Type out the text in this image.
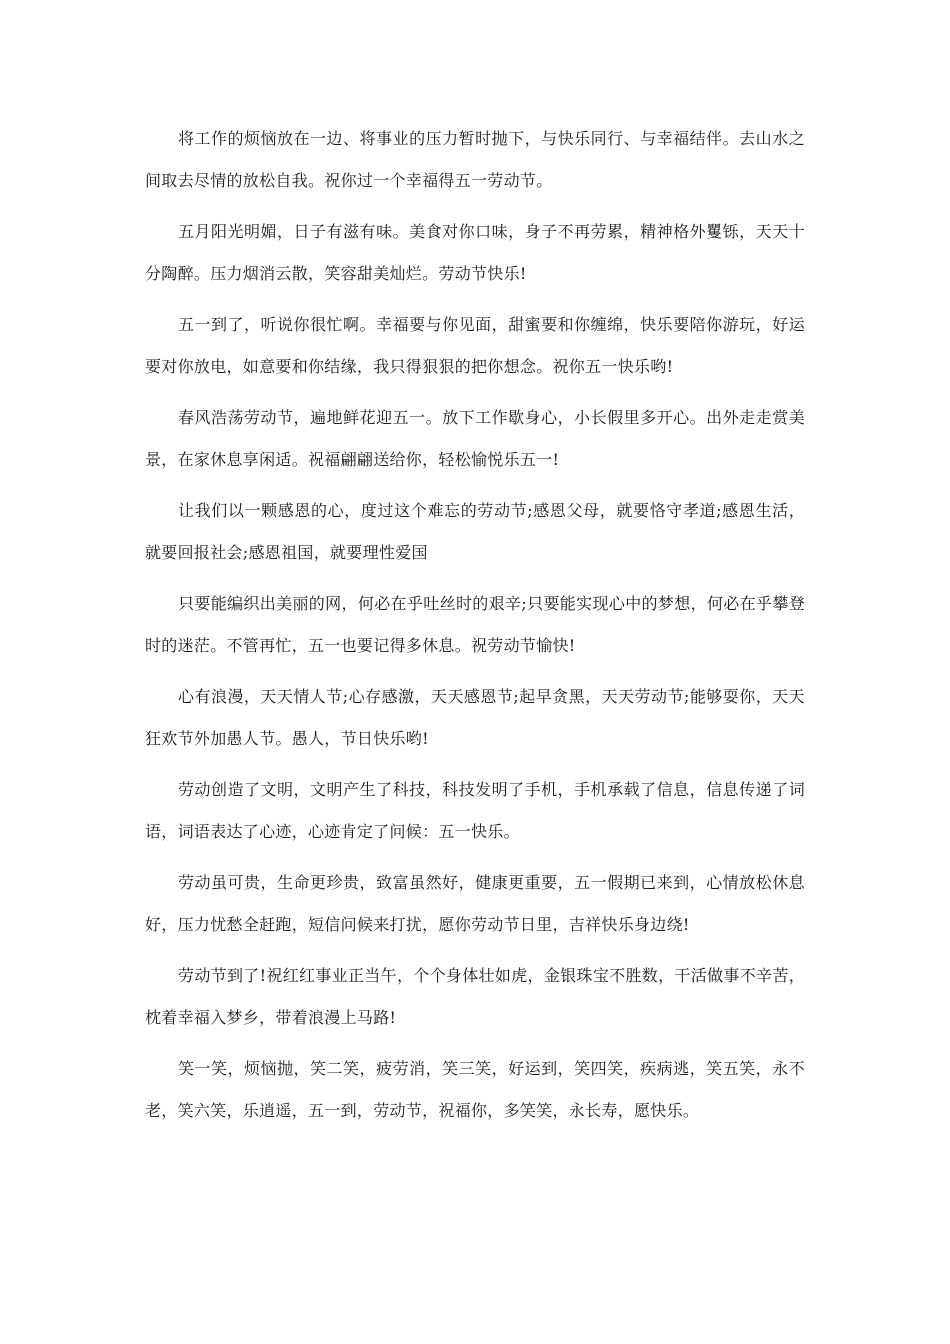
将工作的烦恼放在一边、将事业的压力暂时抛下，与快乐同行、与幸福结伴。去山水之间取去尽情的放松自我。祝你过一个幸福得五一劳动节。

五月阳光明媚，日子有滋有味。美食对你口味，身子不再劳累，精神格外矍铄，天天十分陶醉。压力烟消云散，笑容甜美灿烂。劳动节快乐!

五一到了，听说你很忙啊。幸福要与你见面，甜蜜要和你缠绵，快乐要陪你游玩，好运要对你放电，如意要和你结缘，我只得狠狠的把你想念。祝你五一快乐哟!

春风浩荡劳动节，遍地鲜花迎五一。放下工作歇身心，小长假里多开心。出外走走赏美景，在家休息享闲适。祝福翩翩送给你，轻松愉悦乐五一!

让我们以一颗感恩的心，度过这个难忘的劳动节;感恩父母，就要恪守孝道;感恩生活，就要回报社会;感恩祖国，就要理性爱国

只要能编织出美丽的网，何必在乎吐丝时的艰辛;只要能实现心中的梦想，何必在乎攀登时的迷茫。不管再忙，五一也要记得多休息。祝劳动节愉快!

心有浪漫，天天情人节;心存感激，天天感恩节;起早贪黑，天天劳动节;能够耍你，天天狂欢节外加愚人节。愚人，节日快乐哟!

劳动创造了文明，文明产生了科技，科技发明了手机，手机承载了信息，信息传递了词语，词语表达了心迹，心迹肯定了问候：五一快乐。

劳动虽可贵，生命更珍贵，致富虽然好，健康更重要，五一假期已来到，心情放松休息好，压力忧愁全赶跑，短信问候来打扰，愿你劳动节日里，吉祥快乐身边绕!

劳动节到了!祝红红事业正当午，个个身体壮如虎，金银珠宝不胜数，干活做事不辛苦，枕着幸福入梦乡，带着浪漫上马路!

笑一笑，烦恼抛，笑二笑，疲劳消，笑三笑，好运到，笑四笑，疾病逃，笑五笑，永不老，笑六笑，乐逍遥，五一到，劳动节，祝福你，多笑笑，永长寿，愿快乐。
